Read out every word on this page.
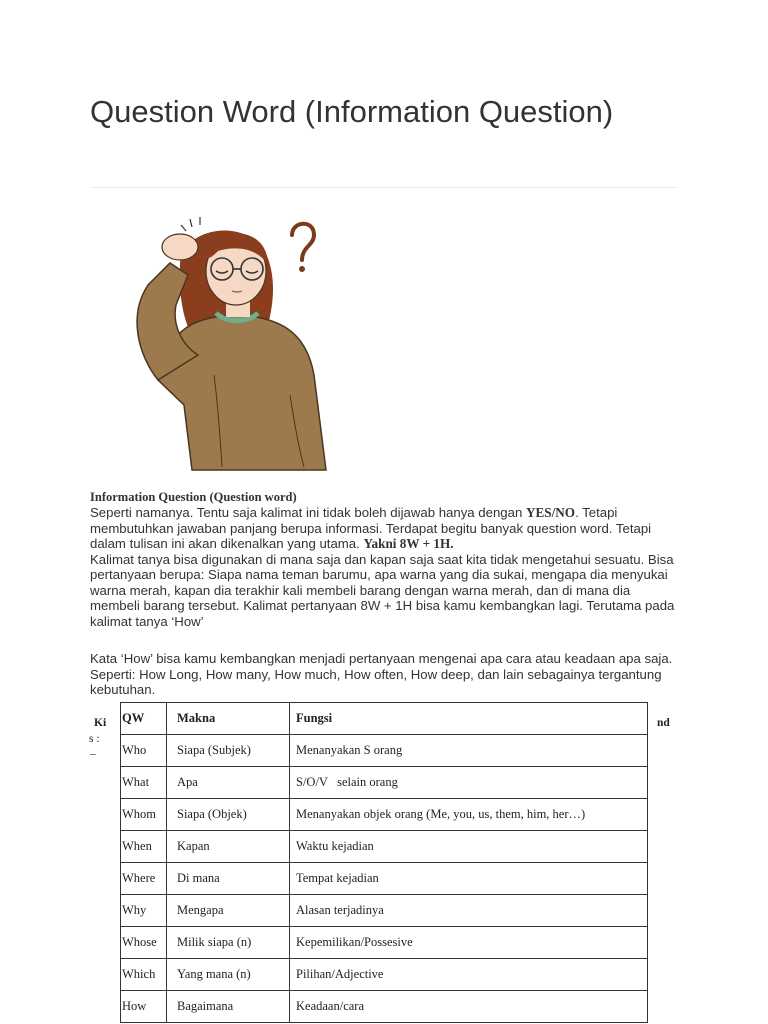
Question Word (Information Question)
Information Question (Question word)
Seperti namanya. Tentu saja kalimat ini tidak boleh dijawab hanya dengan YES/NO. Tetapi membutuhkan jawaban panjang berupa informasi. Terdapat begitu banyak question word. Tetapi dalam tulisan ini akan dikenalkan yang utama. Yakni 8W + 1H.
Kalimat tanya bisa digunakan di mana saja dan kapan saja saat kita tidak mengetahui sesuatu. Bisa pertanyaan berupa: Siapa nama teman barumu, apa warna yang dia sukai, mengapa dia menyukai warna merah, kapan dia terakhir kali membeli barang dengan warna merah, dan di mana dia membeli barang tersebut. Kalimat pertanyaan 8W + 1H bisa kamu kembangkan lagi. Terutama pada kalimat tanya ‘How’
Kata ‘How’ bisa kamu kembangkan menjadi pertanyaan mengenai apa cara atau keadaan apa saja. Seperti: How Long, How many, How much, How often, How deep, dan lain sebagainya tergantung kebutuhan.
Ki
s :
–
nd
QW	Makna	Fungsi
Who	Siapa (Subjek)	Menanyakan S orang
What	Apa	S/O/V   selain orang
Whom	Siapa (Objek)	Menanyakan objek orang (Me, you, us, them, him, her…)
When	Kapan	Waktu kejadian
Where	Di mana	Tempat kejadian
Why	Mengapa	Alasan terjadinya
Whose	Milik siapa (n)	Kepemilikan/Possesive
Which	Yang mana (n)	Pilihan/Adjective
How	Bagaimana	Keadaan/cara
